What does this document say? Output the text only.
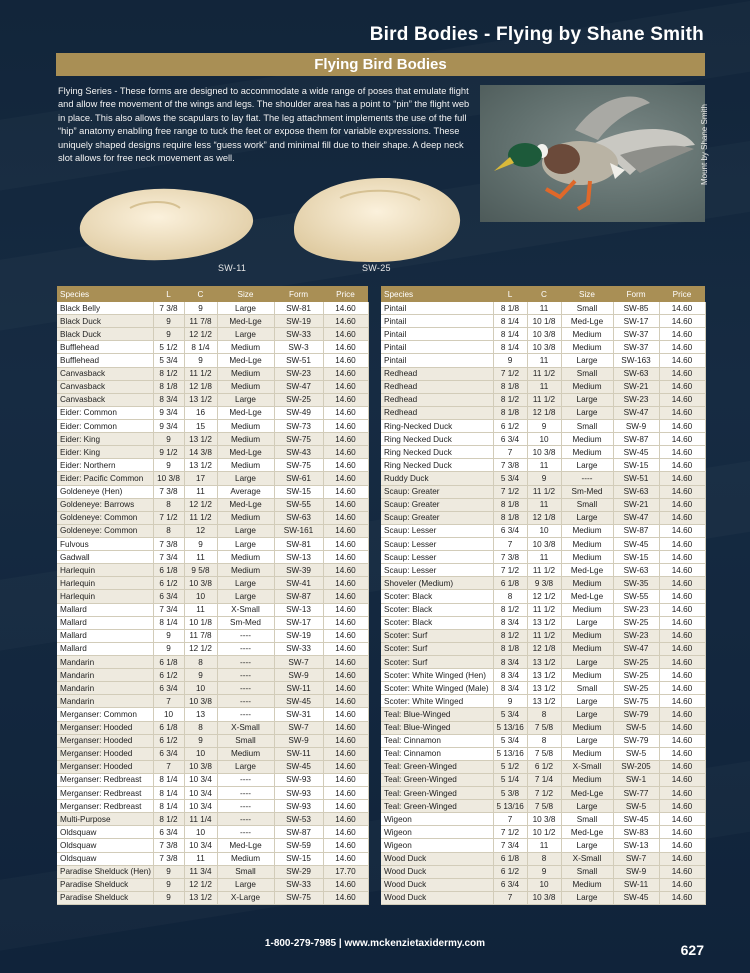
Bird Bodies - Flying by Shane Smith
Flying Bird Bodies
Flying Series - These forms are designed to accommodate a wide range of poses that emulate flight and allow free movement of the wings and legs. The shoulder area has a point to “pin” the flight web in place. This also allows the scapulars to lay flat. The leg attachment implements the use of the full “hip” anatomy enabling free range to tuck the feet or expose them for variable expressions. These uniquely shaped designs require less “guess work” and minimal fill due to their shape. A deep neck slot allows for free neck movement as well.	Mount by Shane Smith
SW-11	SW-25
Species	L	C	Size	Form	Price
Black Belly	7 3/8	9	Large	SW-81	14.60
Black Duck	9	11 7/8	Med-Lge	SW-19	14.60
Black Duck	9	12 1/2	Large	SW-33	14.60
Bufflehead	5 1/2	8 1/4	Medium	SW-3	14.60
Bufflehead	5 3/4	9	Med-Lge	SW-51	14.60
Canvasback	8 1/2	11 1/2	Medium	SW-23	14.60
Canvasback	8 1/8	12 1/8	Medium	SW-47	14.60
Canvasback	8 3/4	13 1/2	Large	SW-25	14.60
Eider: Common	9 3/4	16	Med-Lge	SW-49	14.60
Eider: Common	9 3/4	15	Medium	SW-73	14.60
Eider: King	9	13 1/2	Medium	SW-75	14.60
Eider: King	9 1/2	14 3/8	Med-Lge	SW-43	14.60
Eider: Northern	9	13 1/2	Medium	SW-75	14.60
Eider: Pacific Common	10 3/8	17	Large	SW-61	14.60
Goldeneye (Hen)	7 3/8	11	Average	SW-15	14.60
Goldeneye: Barrows	8	12 1/2	Med-Lge	SW-55	14.60
Goldeneye: Common	7 1/2	11 1/2	Medium	SW-63	14.60
Goldeneye: Common	8	12	Large	SW-161	14.60
Fulvous	7 3/8	9	Large	SW-81	14.60
Gadwall	7 3/4	11	Medium	SW-13	14.60
Harlequin	6 1/8	9 5/8	Medium	SW-39	14.60
Harlequin	6 1/2	10 3/8	Large	SW-41	14.60
Harlequin	6 3/4	10	Large	SW-87	14.60
Mallard	7 3/4	11	X-Small	SW-13	14.60
Mallard	8 1/4	10 1/8	Sm-Med	SW-17	14.60
Mallard	9	11 7/8	----	SW-19	14.60
Mallard	9	12 1/2	----	SW-33	14.60
Mandarin	6 1/8	8	----	SW-7	14.60
Mandarin	6 1/2	9	----	SW-9	14.60
Mandarin	6 3/4	10	----	SW-11	14.60
Mandarin	7	10 3/8	----	SW-45	14.60
Merganser: Common	10	13	----	SW-31	14.60
Merganser: Hooded	6 1/8	8	X-Small	SW-7	14.60
Merganser: Hooded	6 1/2	9	Small	SW-9	14.60
Merganser: Hooded	6 3/4	10	Medium	SW-11	14.60
Merganser: Hooded	7	10 3/8	Large	SW-45	14.60
Merganser: Redbreast	8 1/4	10 3/4	----	SW-93	14.60
Merganser: Redbreast	8 1/4	10 3/4	----	SW-93	14.60
Merganser: Redbreast	8 1/4	10 3/4	----	SW-93	14.60
Multi-Purpose	8 1/2	11 1/4	----	SW-53	14.60
Oldsquaw	6 3/4	10	----	SW-87	14.60
Oldsquaw	7 3/8	10 3/4	Med-Lge	SW-59	14.60
Oldsquaw	7 3/8	11	Medium	SW-15	14.60
Paradise Shelduck (Hen)	9	11 3/4	Small	SW-29	17.70
Paradise Shelduck	9	12 1/2	Large	SW-33	14.60
Paradise Shelduck	9	13 1/2	X-Large	SW-75	14.60
Species	L	C	Size	Form	Price
Pintail	8 1/8	11	Small	SW-85	14.60
Pintail	8 1/4	10 1/8	Med-Lge	SW-17	14.60
Pintail	8 1/4	10 3/8	Medium	SW-37	14.60
Pintail	8 1/4	10 3/8	Medium	SW-37	14.60
Pintail	9	11	Large	SW-163	14.60
Redhead	7 1/2	11 1/2	Small	SW-63	14.60
Redhead	8 1/8	11	Medium	SW-21	14.60
Redhead	8 1/2	11 1/2	Large	SW-23	14.60
Redhead	8 1/8	12 1/8	Large	SW-47	14.60
Ring-Necked Duck	6 1/2	9	Small	SW-9	14.60
Ring Necked Duck	6 3/4	10	Medium	SW-87	14.60
Ring Necked Duck	7	10 3/8	Medium	SW-45	14.60
Ring Necked Duck	7 3/8	11	Large	SW-15	14.60
Ruddy Duck	5 3/4	9	----	SW-51	14.60
Scaup: Greater	7 1/2	11 1/2	Sm-Med	SW-63	14.60
Scaup: Greater	8 1/8	11	Small	SW-21	14.60
Scaup: Greater	8 1/8	12 1/8	Large	SW-47	14.60
Scaup: Lesser	6 3/4	10	Medium	SW-87	14.60
Scaup: Lesser	7	10 3/8	Medium	SW-45	14.60
Scaup: Lesser	7 3/8	11	Medium	SW-15	14.60
Scaup: Lesser	7 1/2	11 1/2	Med-Lge	SW-63	14.60
Shoveler (Medium)	6 1/8	9 3/8	Medium	SW-35	14.60
Scoter: Black	8	12 1/2	Med-Lge	SW-55	14.60
Scoter: Black	8 1/2	11 1/2	Medium	SW-23	14.60
Scoter: Black	8 3/4	13 1/2	Large	SW-25	14.60
Scoter: Surf	8 1/2	11 1/2	Medium	SW-23	14.60
Scoter: Surf	8 1/8	12 1/8	Medium	SW-47	14.60
Scoter: Surf	8 3/4	13 1/2	Large	SW-25	14.60
Scoter: White Winged (Hen)	8 3/4	13 1/2	Medium	SW-25	14.60
Scoter: White Winged (Male)	8 3/4	13 1/2	Small	SW-25	14.60
Scoter: White Winged	9	13 1/2	Large	SW-75	14.60
Teal: Blue-Winged	5 3/4	8	Large	SW-79	14.60
Teal: Blue-Winged	5 13/16	7 5/8	Medium	SW-5	14.60
Teal: Cinnamon	5 3/4	8	Large	SW-79	14.60
Teal: Cinnamon	5 13/16	7 5/8	Medium	SW-5	14.60
Teal: Green-Winged	5 1/2	6 1/2	X-Small	SW-205	14.60
Teal: Green-Winged	5 1/4	7 1/4	Medium	SW-1	14.60
Teal: Green-Winged	5 3/8	7 1/2	Med-Lge	SW-77	14.60
Teal: Green-Winged	5 13/16	7 5/8	Large	SW-5	14.60
Wigeon	7	10 3/8	Small	SW-45	14.60
Wigeon	7 1/2	10 1/2	Med-Lge	SW-83	14.60
Wigeon	7 3/4	11	Large	SW-13	14.60
Wood Duck	6 1/8	8	X-Small	SW-7	14.60
Wood Duck	6 1/2	9	Small	SW-9	14.60
Wood Duck	6 3/4	10	Medium	SW-11	14.60
Wood Duck	7	10 3/8	Large	SW-45	14.60
1-800-279-7985 | www.mckenzietaxidermy.com	627
